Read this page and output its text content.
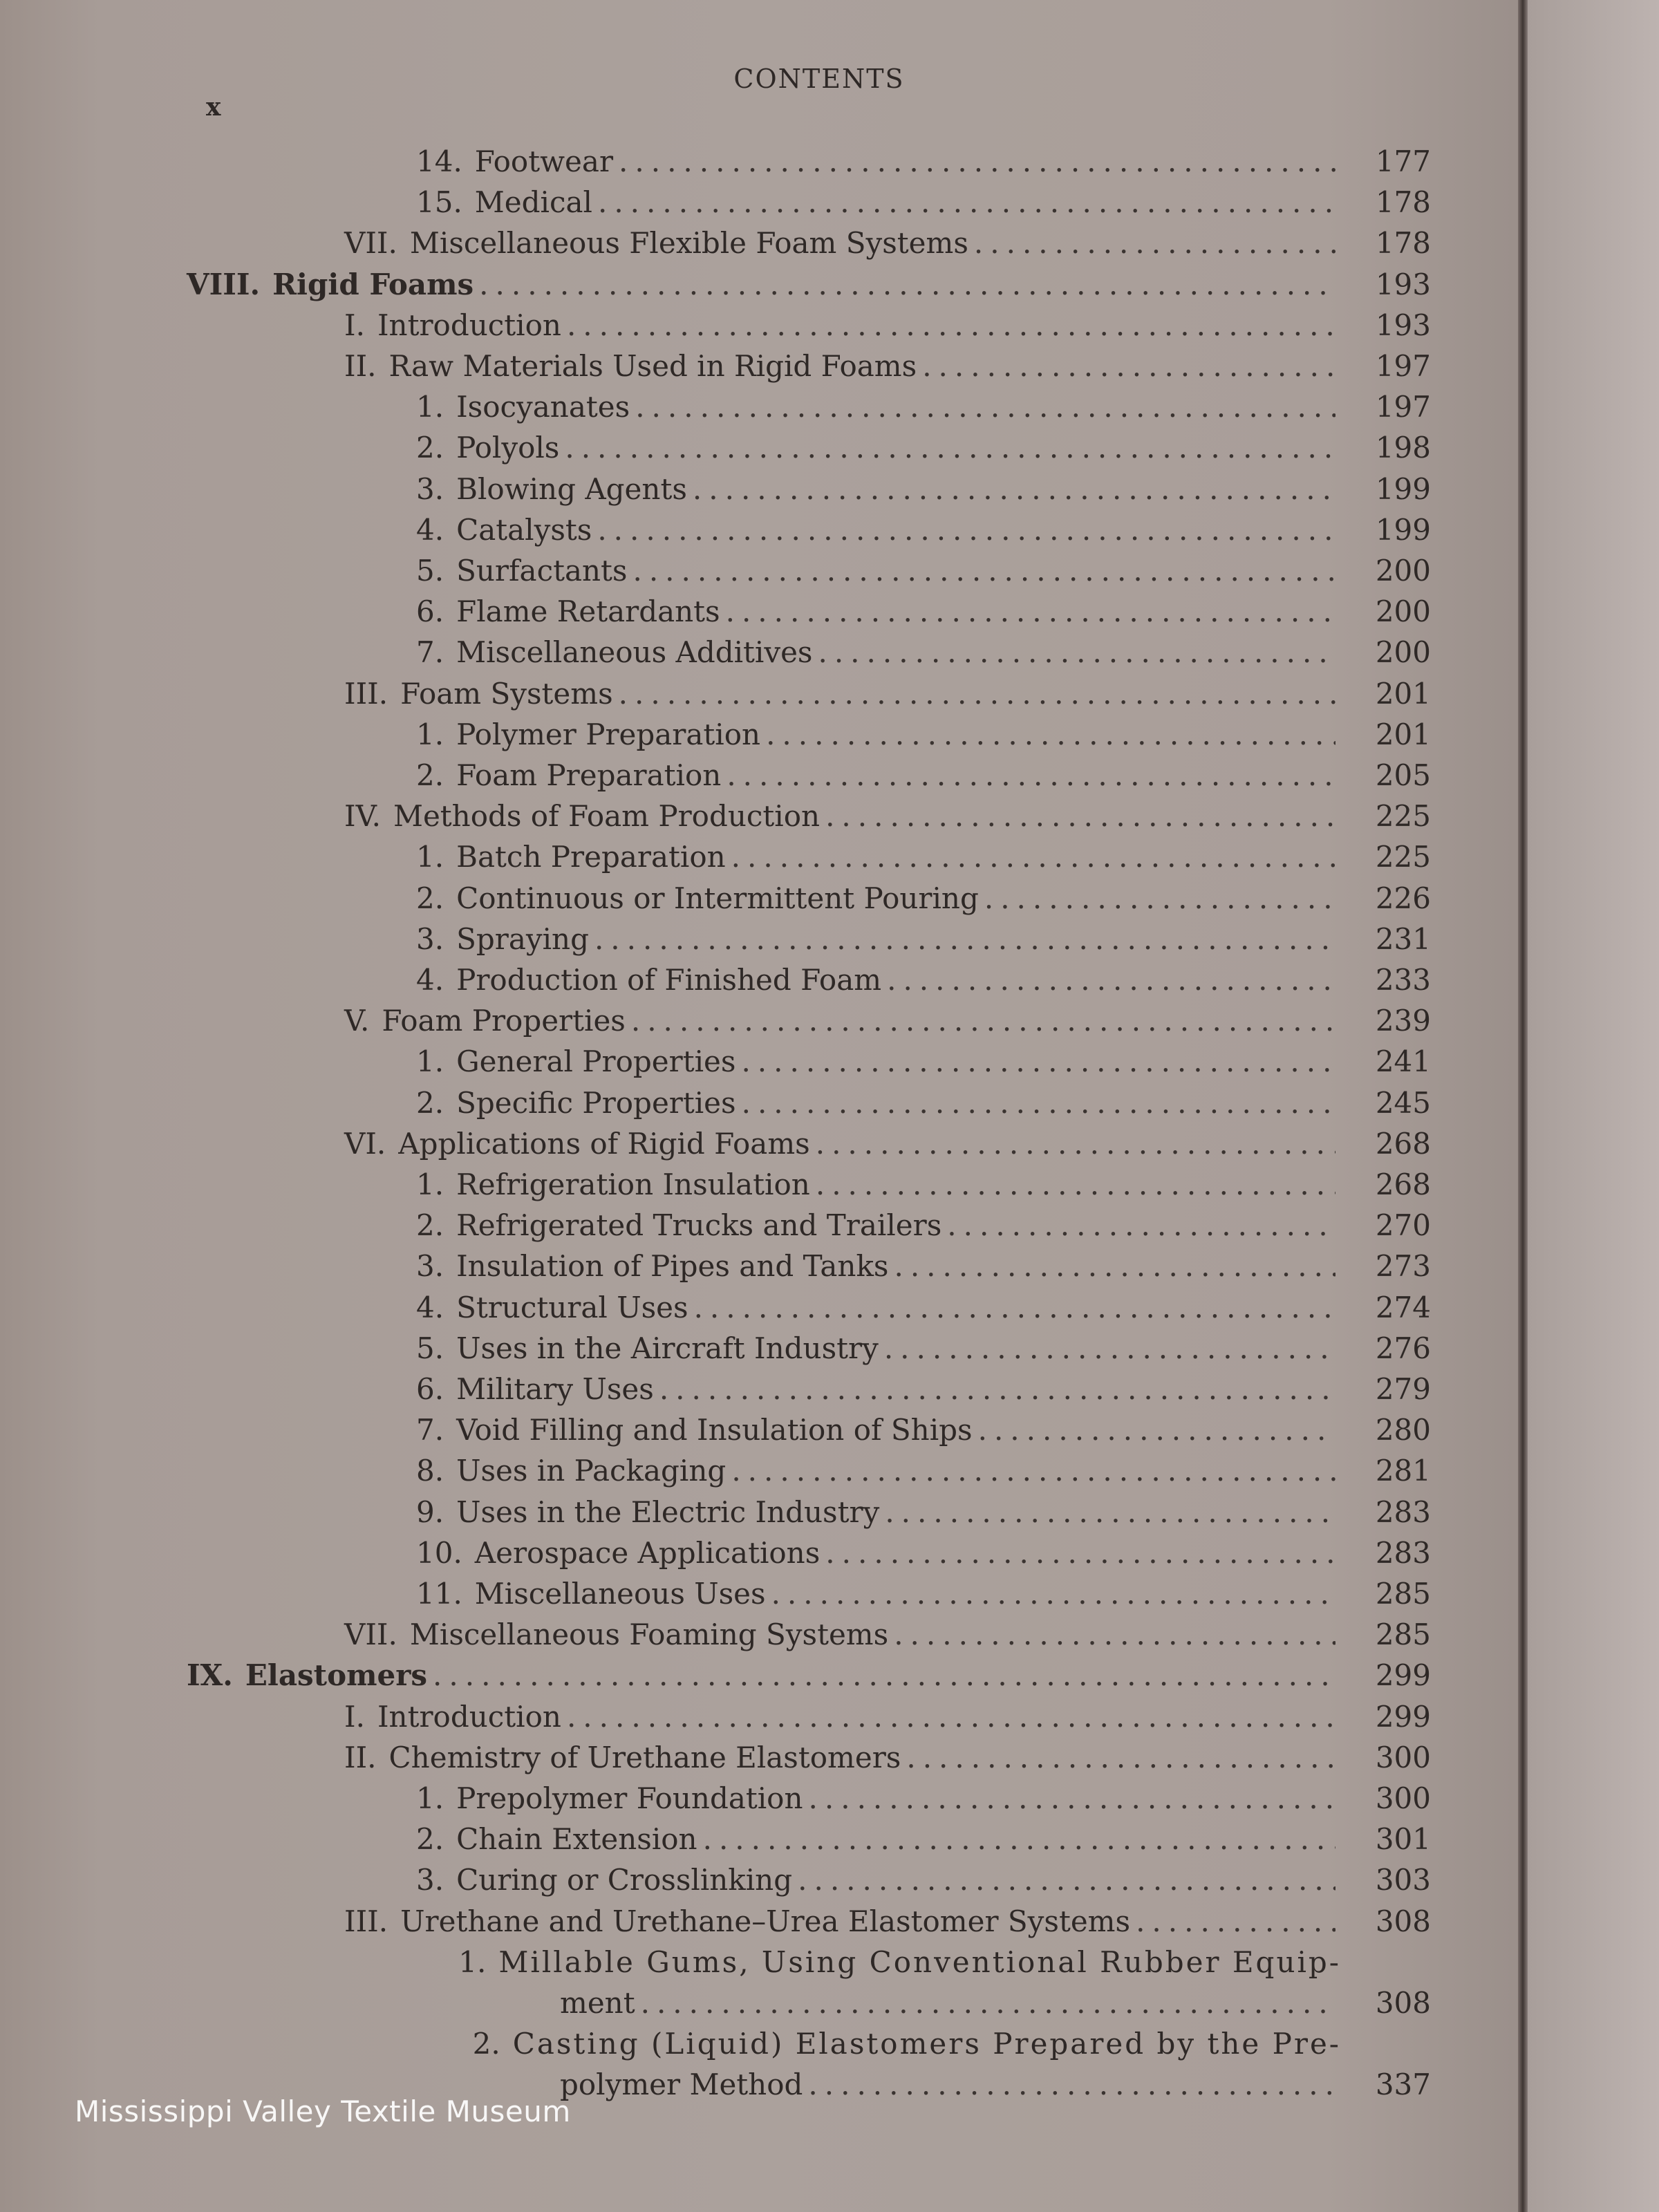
CONTENTS
x
14. Footwear .....	177
15. Medical .....	178
VII. Miscellaneous Flexible Foam Systems .....	178
VIII. Rigid Foams .....	193
I. Introduction .....	193
II. Raw Materials Used in Rigid Foams .....	197
1. Isocyanates .....	197
2. Polyols .....	198
3. Blowing Agents .....	199
4. Catalysts .....	199
5. Surfactants .....	200
6. Flame Retardants .....	200
7. Miscellaneous Additives .....	200
III. Foam Systems .....	201
1. Polymer Preparation .....	201
2. Foam Preparation .....	205
IV. Methods of Foam Production .....	225
1. Batch Preparation .....	225
2. Continuous or Intermittent Pouring .....	226
3. Spraying .....	231
4. Production of Finished Foam .....	233
V. Foam Properties .....	239
1. General Properties .....	241
2. Specific Properties .....	245
VI. Applications of Rigid Foams .....	268
1. Refrigeration Insulation .....	268
2. Refrigerated Trucks and Trailers .....	270
3. Insulation of Pipes and Tanks .....	273
4. Structural Uses .....	274
5. Uses in the Aircraft Industry .....	276
6. Military Uses .....	279
7. Void Filling and Insulation of Ships .....	280
8. Uses in Packaging .....	281
9. Uses in the Electric Industry .....	283
10. Aerospace Applications .....	283
11. Miscellaneous Uses .....	285
VII. Miscellaneous Foaming Systems .....	285
IX. Elastomers .....	299
I. Introduction .....	299
II. Chemistry of Urethane Elastomers .....	300
1. Prepolymer Foundation .....	300
2. Chain Extension .....	301
3. Curing or Crosslinking .....	303
III. Urethane and Urethane–Urea Elastomer Systems .....	308
1. Millable Gums, Using Conventional Rubber Equip-
ment .....	308
2. Casting (Liquid) Elastomers Prepared by the Pre-
polymer Method .....	337
Mississippi Valley Textile Museum
